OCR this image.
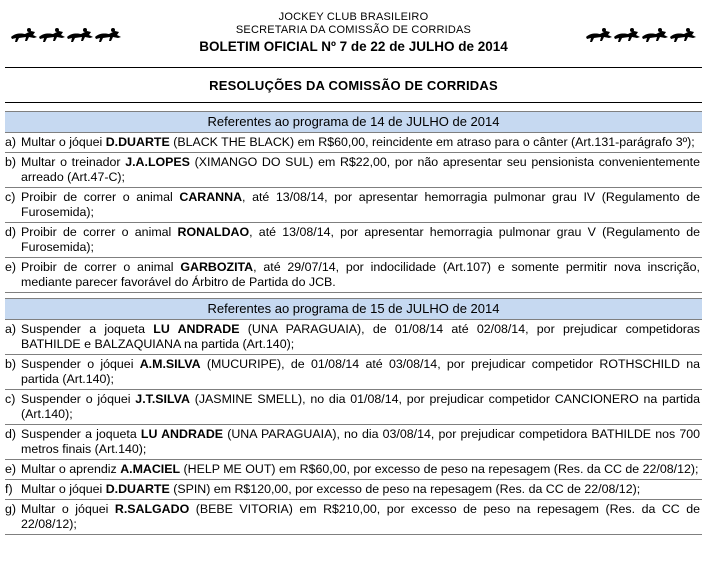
JOCKEY CLUB BRASILEIRO
SECRETARIA DA COMISSÃO DE CORRIDAS
BOLETIM OFICIAL Nº 7 de 22 de JULHO de 2014
RESOLUÇÕES DA COMISSÃO DE CORRIDAS
Referentes ao programa de 14 de JULHO de 2014
a) Multar o jóquei D.DUARTE (BLACK THE BLACK) em R$60,00, reincidente em atraso para o cânter (Art.131-parágrafo 3º);
b) Multar o treinador J.A.LOPES (XIMANGO DO SUL) em R$22,00, por não apresentar seu pensionista convenientemente arreado (Art.47-C);
c) Proibir de correr o animal CARANNA, até 13/08/14, por apresentar hemorragia pulmonar grau IV (Regulamento de Furosemida);
d) Proibir de correr o animal RONALDAO, até 13/08/14, por apresentar hemorragia pulmonar grau V (Regulamento de Furosemida);
e) Proibir de correr o animal GARBOZITA, até 29/07/14, por indocilidade (Art.107) e somente permitir nova inscrição, mediante parecer favorável do Árbitro de Partida do JCB.
Referentes ao programa de 15 de JULHO de 2014
a) Suspender a joqueta LU ANDRADE (UNA PARAGUAIA), de 01/08/14 até 02/08/14, por prejudicar competidoras BATHILDE e BALZAQUIANA na partida (Art.140);
b) Suspender o jóquei A.M.SILVA (MUCURIPE), de 01/08/14 até 03/08/14, por prejudicar competidor ROTHSCHILD na partida (Art.140);
c) Suspender o jóquei J.T.SILVA (JASMINE SMELL), no dia 01/08/14, por prejudicar competidor CANCIONERO na partida (Art.140);
d) Suspender a joqueta LU ANDRADE (UNA PARAGUAIA), no dia 03/08/14, por prejudicar competidora BATHILDE nos 700 metros finais (Art.140);
e) Multar o aprendiz A.MACIEL (HELP ME OUT) em R$60,00, por excesso de peso na repesagem (Res. da CC de 22/08/12);
f) Multar o jóquei D.DUARTE (SPIN) em R$120,00, por excesso de peso na repesagem (Res. da CC de 22/08/12);
g) Multar o jóquei R.SALGADO (BEBE VITORIA) em R$210,00, por excesso de peso na repesagem (Res. da CC de 22/08/12);
